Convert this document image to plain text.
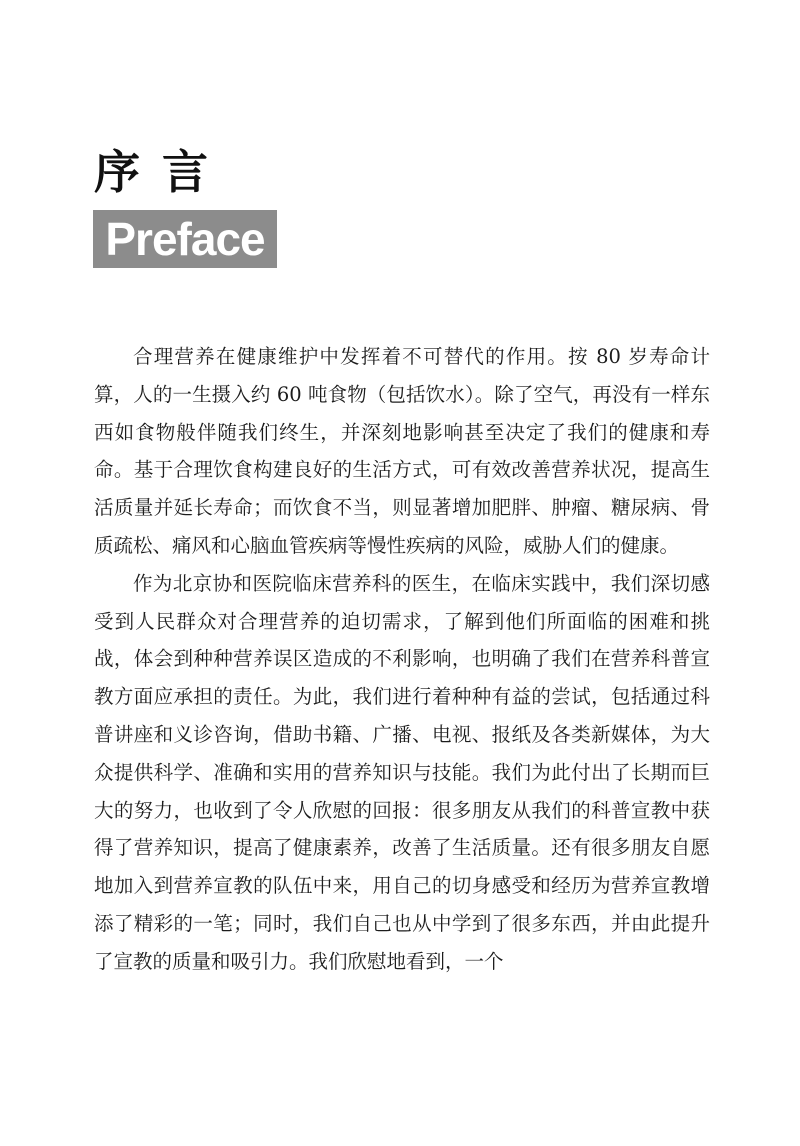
序言
Preface

合理营养在健康维护中发挥着不可替代的作用。按 80 岁寿命计算，人的一生摄入约 60 吨食物（包括饮水）。除了空气，再没有一样东西如食物般伴随我们终生，并深刻地影响甚至决定了我们的健康和寿命。基于合理饮食构建良好的生活方式，可有效改善营养状况，提高生活质量并延长寿命；而饮食不当，则显著增加肥胖、肿瘤、糖尿病、骨质疏松、痛风和心脑血管疾病等慢性疾病的风险，威胁人们的健康。

作为北京协和医院临床营养科的医生，在临床实践中，我们深切感受到人民群众对合理营养的迫切需求，了解到他们所面临的困难和挑战，体会到种种营养误区造成的不利影响，也明确了我们在营养科普宣教方面应承担的责任。为此，我们进行着种种有益的尝试，包括通过科普讲座和义诊咨询，借助书籍、广播、电视、报纸及各类新媒体，为大众提供科学、准确和实用的营养知识与技能。我们为此付出了长期而巨大的努力，也收到了令人欣慰的回报：很多朋友从我们的科普宣教中获得了营养知识，提高了健康素养，改善了生活质量。还有很多朋友自愿地加入到营养宣教的队伍中来，用自己的切身感受和经历为营养宣教增添了精彩的一笔；同时，我们自己也从中学到了很多东西，并由此提升了宣教的质量和吸引力。我们欣慰地看到，一个
